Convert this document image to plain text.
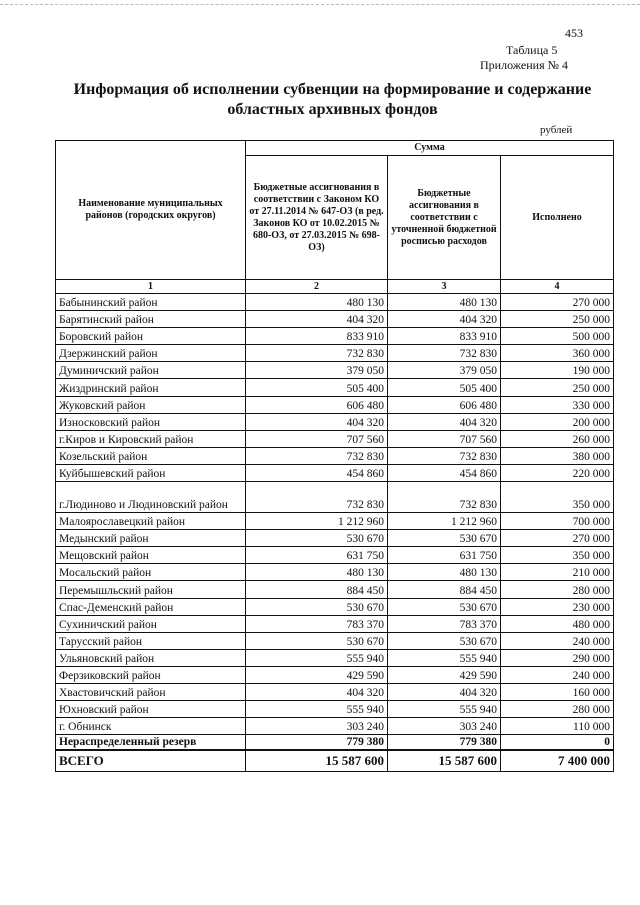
453
Таблица 5
Приложения № 4
Информация об исполнении субвенции на формирование и содержание областных архивных фондов
рублей
Наименование муниципальных районов (городских округов)	Сумма		
	Бюджетные ассигнования в соответствии с Законом КО от 27.11.2014 № 647-ОЗ (в ред. Законов КО от 10.02.2015 № 680-ОЗ, от 27.03.2015 № 698-ОЗ)	Бюджетные ассигнования в соответствии с уточненной бюджетной росписью расходов	Исполнено
1	2	3	4
Бабынинский район	480 130	480 130	270 000
Барятинский район	404 320	404 320	250 000
Боровский район	833 910	833 910	500 000
Дзержинский район	732 830	732 830	360 000
Думиничский район	379 050	379 050	190 000
Жиздринский район	505 400	505 400	250 000
Жуковский район	606 480	606 480	330 000
Износковский район	404 320	404 320	200 000
г.Киров и Кировский район	707 560	707 560	260 000
Козельский район	732 830	732 830	380 000
Куйбышевский район	454 860	454 860	220 000
г.Людиново и Людиновский район	732 830	732 830	350 000
Малоярославецкий район	1 212 960	1 212 960	700 000
Медынский район	530 670	530 670	270 000
Мещовский район	631 750	631 750	350 000
Мосальский район	480 130	480 130	210 000
Перемышльский район	884 450	884 450	280 000
Спас-Деменский район	530 670	530 670	230 000
Сухиничский район	783 370	783 370	480 000
Тарусский район	530 670	530 670	240 000
Ульяновский район	555 940	555 940	290 000
Ферзиковский район	429 590	429 590	240 000
Хвастовичский район	404 320	404 320	160 000
Юхновский район	555 940	555 940	280 000
г. Обнинск	303 240	303 240	110 000
Нераспределенный резерв	779 380	779 380	0
ВСЕГО	15 587 600	15 587 600	7 400 000
